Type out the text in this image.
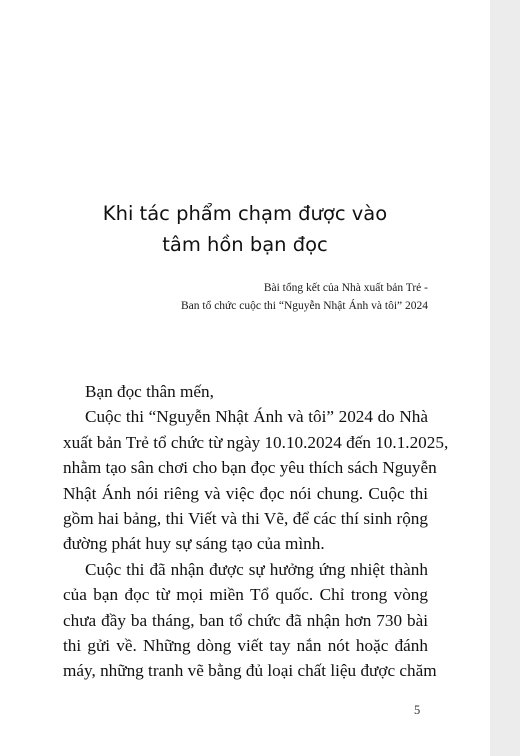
Khi tác phẩm chạm được vào
tâm hồn bạn đọc
Bài tổng kết của Nhà xuất bản Trẻ -
Ban tổ chức cuộc thi “Nguyễn Nhật Ánh và tôi” 2024
Bạn đọc thân mến,
Cuộc thi “Nguyễn Nhật Ánh và tôi” 2024 do Nhà
xuất bản Trẻ tổ chức từ ngày 10.10.2024 đến 10.1.2025,
nhằm tạo sân chơi cho bạn đọc yêu thích sách Nguyễn
Nhật Ánh nói riêng và việc đọc nói chung. Cuộc thi
gồm hai bảng, thi Viết và thi Vẽ, để các thí sinh rộng
đường phát huy sự sáng tạo của mình.
Cuộc thi đã nhận được sự hưởng ứng nhiệt thành
của bạn đọc từ mọi miền Tổ quốc. Chỉ trong vòng
chưa đầy ba tháng, ban tổ chức đã nhận hơn 730 bài
thi gửi về. Những dòng viết tay nắn nót hoặc đánh
máy, những tranh vẽ bằng đủ loại chất liệu được chăm
5
